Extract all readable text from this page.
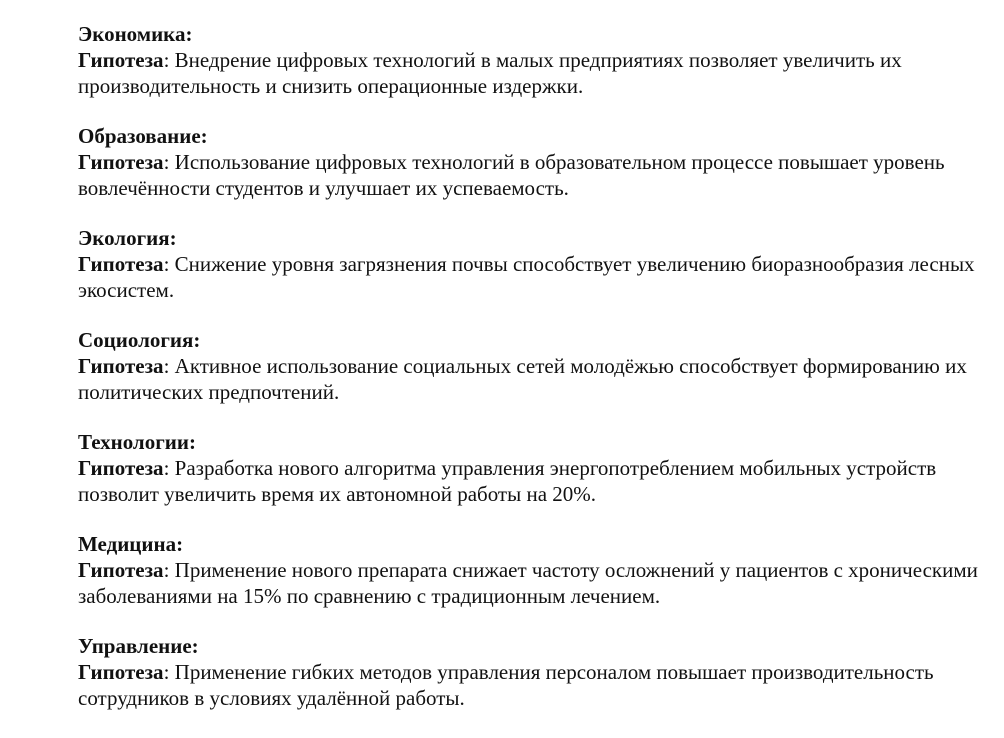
Экономика:
Гипотеза: Внедрение цифровых технологий в малых предприятиях позволяет увеличить их производительность и снизить операционные издержки.
Образование:
Гипотеза: Использование цифровых технологий в образовательном процессе повышает уровень вовлечённости студентов и улучшает их успеваемость.
Экология:
Гипотеза: Снижение уровня загрязнения почвы способствует увеличению биоразнообразия лесных экосистем.
Социология:
Гипотеза: Активное использование социальных сетей молодёжью способствует формированию их политических предпочтений.
Технологии:
Гипотеза: Разработка нового алгоритма управления энергопотреблением мобильных устройств позволит увеличить время их автономной работы на 20%.
Медицина:
Гипотеза: Применение нового препарата снижает частоту осложнений у пациентов с хроническими заболеваниями на 15% по сравнению с традиционным лечением.
Управление:
Гипотеза: Применение гибких методов управления персоналом повышает производительность сотрудников в условиях удалённой работы.
